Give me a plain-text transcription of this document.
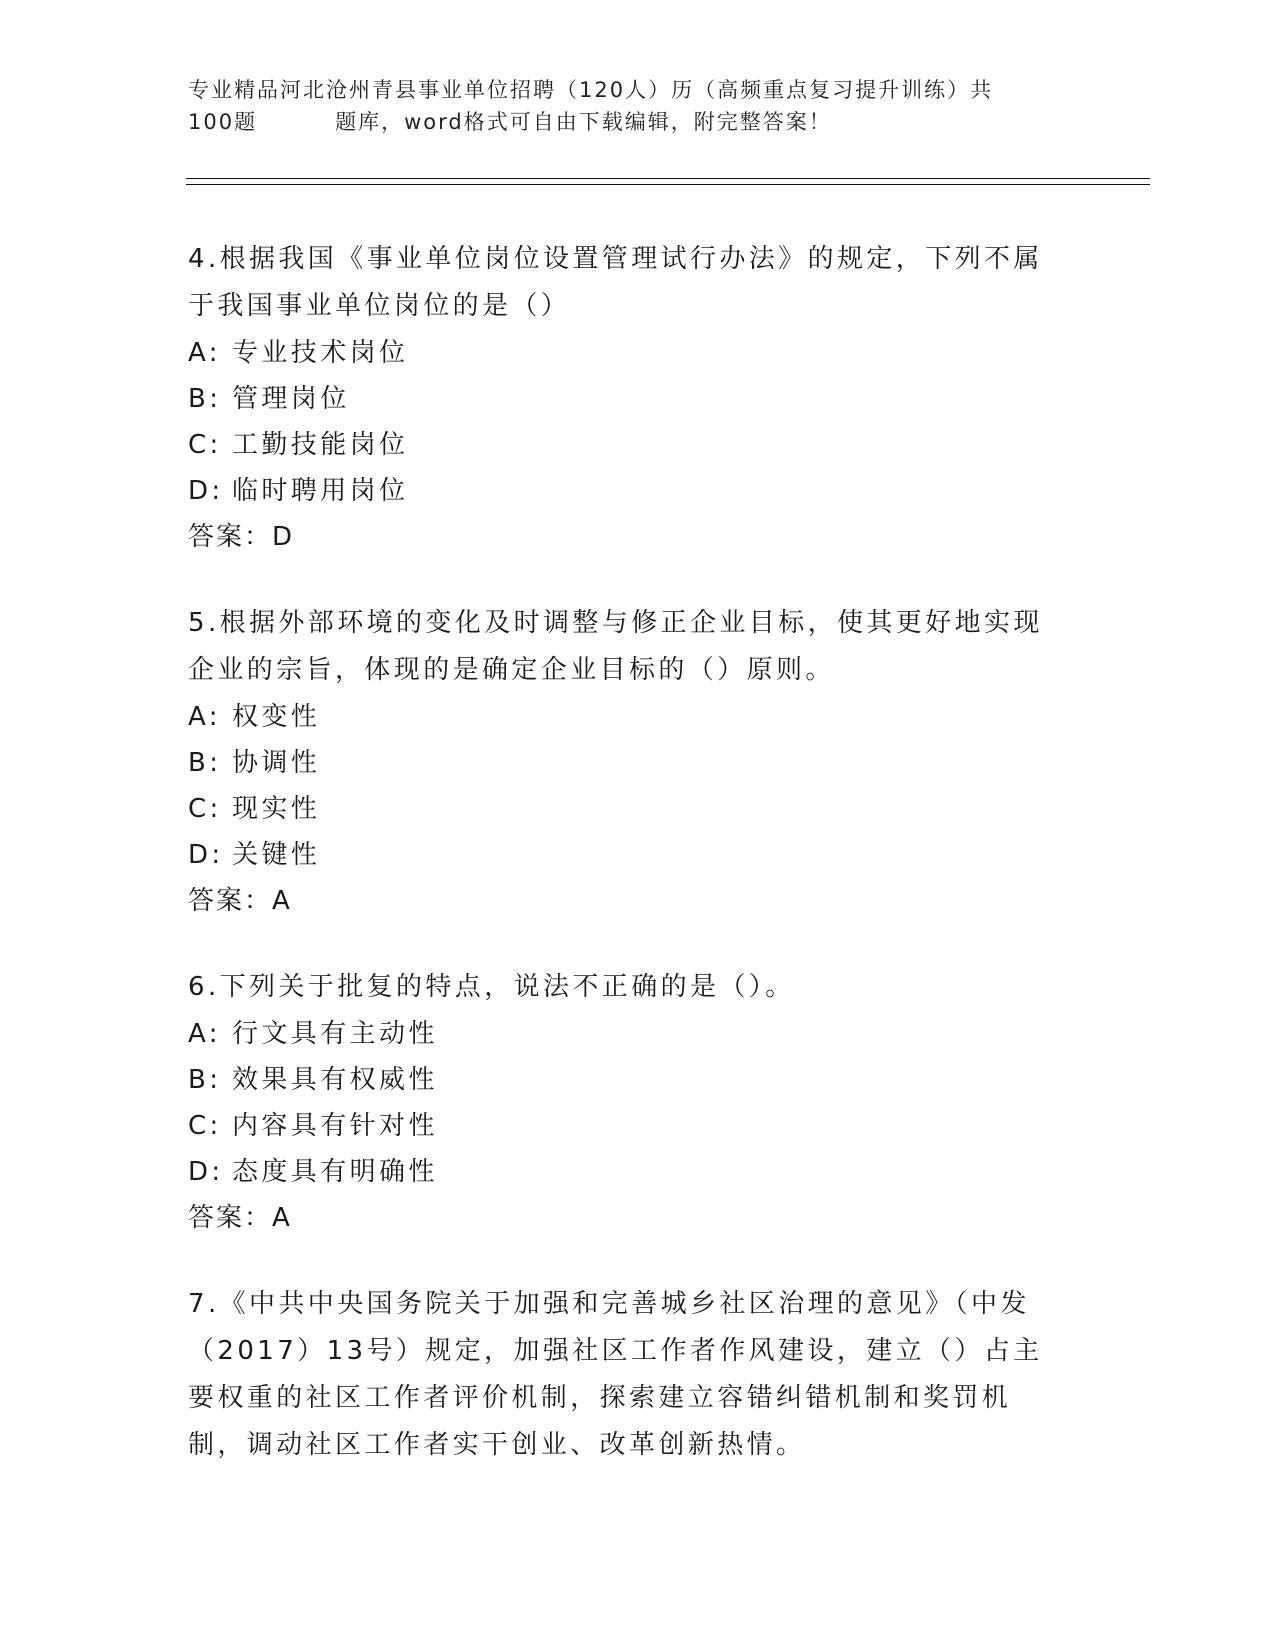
专业精品河北沧州青县事业单位招聘（120人）历（高频重点复习提升训练）共
100题	题库，word格式可自由下载编辑，附完整答案！
4.根据我国《事业单位岗位设置管理试行办法》的规定，下列不属于我国事业单位岗位的是（）
A: 专业技术岗位
B: 管理岗位
C: 工勤技能岗位
D: 临时聘用岗位
答案：D
5.根据外部环境的变化及时调整与修正企业目标，使其更好地实现企业的宗旨，体现的是确定企业目标的（）原则。
A: 权变性
B: 协调性
C: 现实性
D: 关键性
答案：A
6.下列关于批复的特点，说法不正确的是（）。
A: 行文具有主动性
B: 效果具有权威性
C: 内容具有针对性
D: 态度具有明确性
答案：A
7.《中共中央国务院关于加强和完善城乡社区治理的意见》（中发（2017）13号）规定，加强社区工作者作风建设，建立（）占主要权重的社区工作者评价机制，探索建立容错纠错机制和奖罚机制，调动社区工作者实干创业、改革创新热情。
